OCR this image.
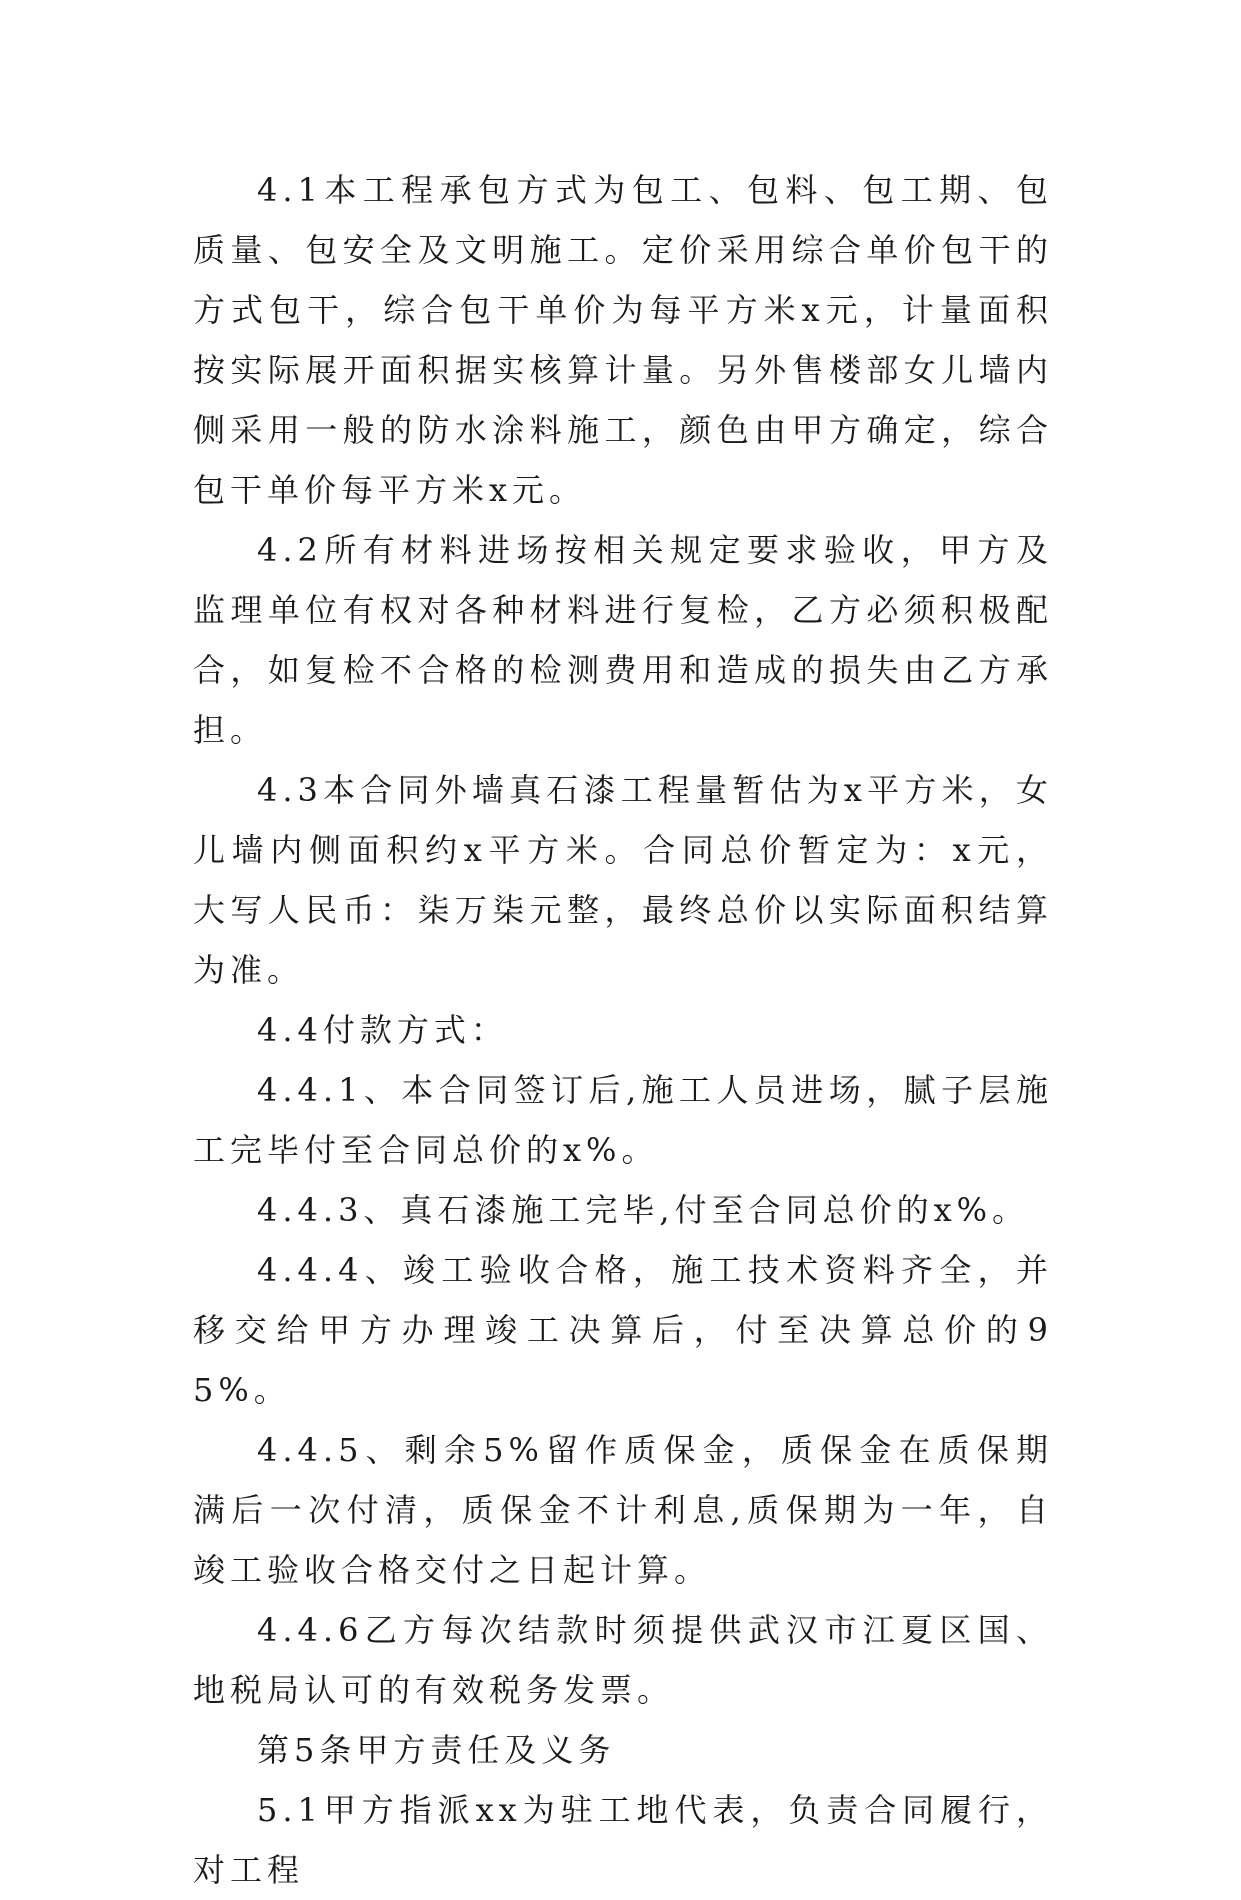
4.1本工程承包方式为包工、包料、包工期、包质量、包安全及文明施工。定价采用综合单价包干的方式包干，综合包干单价为每平方米x元，计量面积按实际展开面积据实核算计量。另外售楼部女儿墙内侧采用一般的防水涂料施工，颜色由甲方确定，综合包干单价每平方米x元。

4.2所有材料进场按相关规定要求验收，甲方及监理单位有权对各种材料进行复检，乙方必须积极配合，如复检不合格的检测费用和造成的损失由乙方承担。

4.3本合同外墙真石漆工程量暂估为x平方米，女儿墙内侧面积约x平方米。合同总价暂定为：x元，大写人民币：柒万柒元整，最终总价以实际面积结算为准。

4.4付款方式：

4.4.1、本合同签订后,施工人员进场，腻子层施工完毕付至合同总价的x%。

4.4.3、真石漆施工完毕,付至合同总价的x%。

4.4.4、竣工验收合格，施工技术资料齐全，并移交给甲方办理竣工决算后，付至决算总价的95%。

4.4.5、剩余5%留作质保金，质保金在质保期满后一次付清，质保金不计利息,质保期为一年，自竣工验收合格交付之日起计算。

4.4.6乙方每次结款时须提供武汉市江夏区国、地税局认可的有效税务发票。

第5条甲方责任及义务

5.1甲方指派xx为驻工地代表，负责合同履行，对工程
